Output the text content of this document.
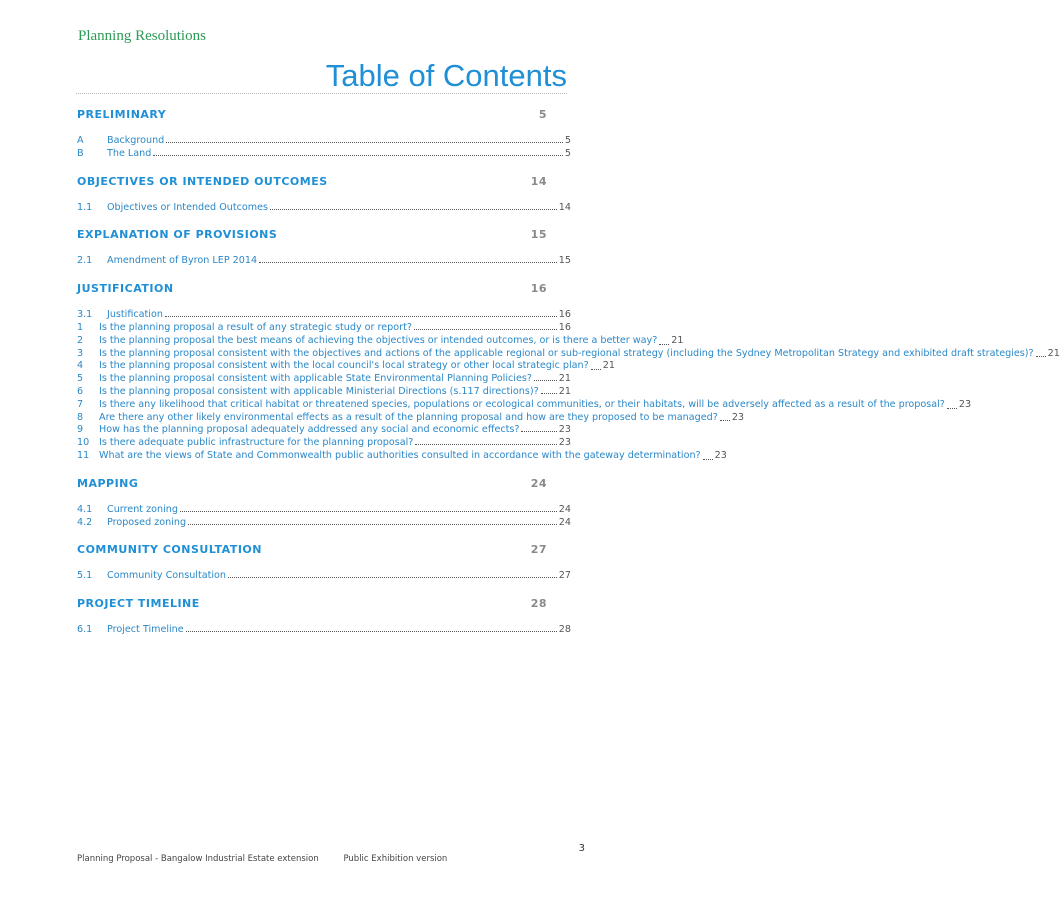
Planning Resolutions
Table of Contents
PRELIMINARY	5
A Background	5
B The Land	5
OBJECTIVES OR INTENDED OUTCOMES	14
1.1 Objectives or Intended Outcomes	14
EXPLANATION OF PROVISIONS	15
2.1 Amendment of Byron LEP 2014	15
JUSTIFICATION	16
3.1 Justification	16
1 Is the planning proposal a result of any strategic study or report?	16
2 Is the planning proposal the best means of achieving the objectives or intended outcomes, or is there a better way? 21
3 Is the planning proposal consistent with the objectives and actions of the applicable regional or sub-regional strategy (including the Sydney Metropolitan Strategy and exhibited draft strategies)? 21
4 Is the planning proposal consistent with the local council's local strategy or other local strategic plan? 21
5 Is the planning proposal consistent with applicable State Environmental Planning Policies?	21
6 Is the planning proposal consistent with applicable Ministerial Directions (s.117 directions)? 21
7 Is there any likelihood that critical habitat or threatened species, populations or ecological communities, or their habitats, will be adversely affected as a result of the proposal? 23
8 Are there any other likely environmental effects as a result of the planning proposal and how are they proposed to be managed? 23
9 How has the planning proposal adequately addressed any social and economic effects?	23
10 Is there adequate public infrastructure for the planning proposal?	23
11 What are the views of State and Commonwealth public authorities consulted in accordance with the gateway determination? 23
MAPPING	24
4.1 Current zoning	24
4.2 Proposed zoning	24
COMMUNITY CONSULTATION	27
5.1 Community Consultation	27
PROJECT TIMELINE	28
6.1 Project Timeline	28
3
Planning Proposal - Bangalow Industrial Estate extension	Public Exhibition version
